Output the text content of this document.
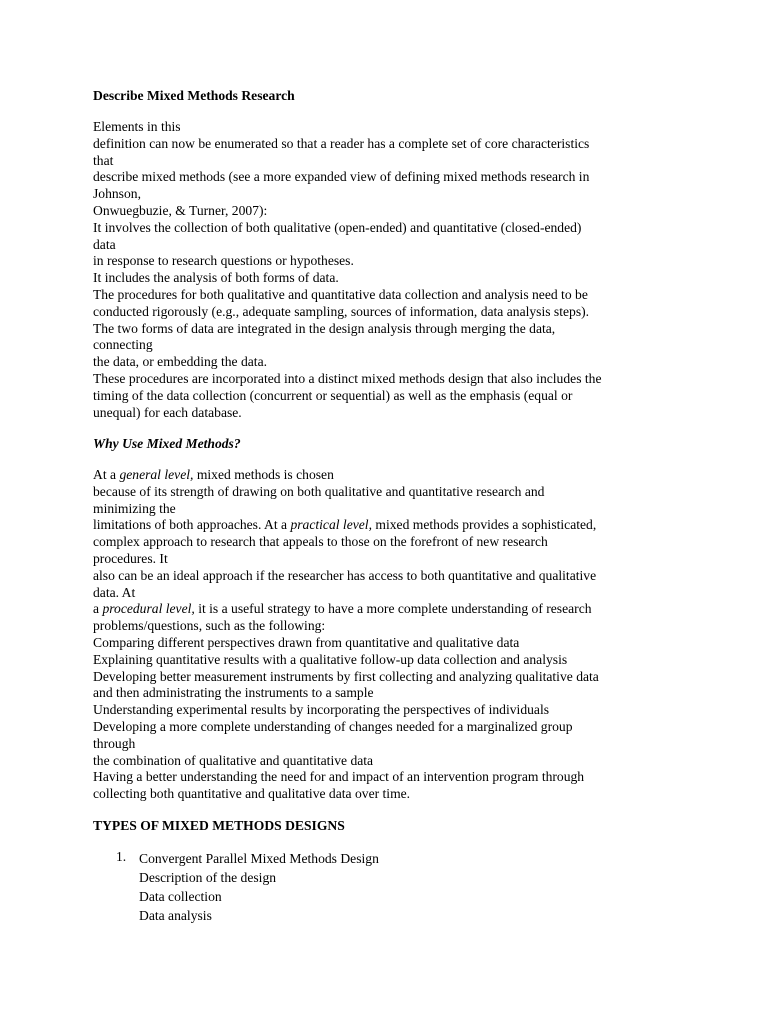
Describe Mixed Methods Research
Elements in this
definition can now be enumerated so that a reader has a complete set of core characteristics
that
describe mixed methods (see a more expanded view of defining mixed methods research in
Johnson,
Onwuegbuzie, & Turner, 2007):
It involves the collection of both qualitative (open-ended) and quantitative (closed-ended)
data
in response to research questions or hypotheses.
It includes the analysis of both forms of data.
The procedures for both qualitative and quantitative data collection and analysis need to be
conducted rigorously (e.g., adequate sampling, sources of information, data analysis steps).
The two forms of data are integrated in the design analysis through merging the data,
connecting
the data, or embedding the data.
These procedures are incorporated into a distinct mixed methods design that also includes the
timing of the data collection (concurrent or sequential) as well as the emphasis (equal or
unequal) for each database.
Why Use Mixed Methods?
At a general level, mixed methods is chosen
because of its strength of drawing on both qualitative and quantitative research and
minimizing the
limitations of both approaches. At a practical level, mixed methods provides a sophisticated,
complex approach to research that appeals to those on the forefront of new research
procedures. It
also can be an ideal approach if the researcher has access to both quantitative and qualitative
data. At
a procedural level, it is a useful strategy to have a more complete understanding of research
problems/questions, such as the following:
Comparing different perspectives drawn from quantitative and qualitative data
Explaining quantitative results with a qualitative follow-up data collection and analysis
Developing better measurement instruments by first collecting and analyzing qualitative data
and then administrating the instruments to a sample
Understanding experimental results by incorporating the perspectives of individuals
Developing a more complete understanding of changes needed for a marginalized group
through
the combination of qualitative and quantitative data
Having a better understanding the need for and impact of an intervention program through
collecting both quantitative and qualitative data over time.
TYPES OF MIXED METHODS DESIGNS
1. Convergent Parallel Mixed Methods Design
Description of the design
Data collection
Data analysis
